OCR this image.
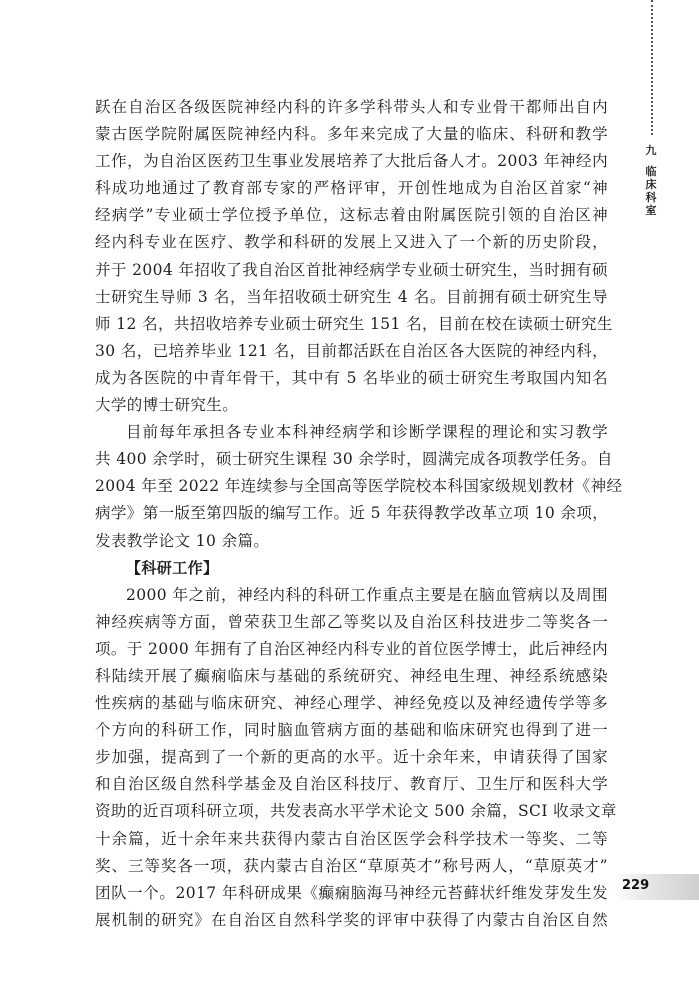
九
临
床
科
室
跃在自治区各级医院神经内科的许多学科带头人和专业骨干都师出自内
蒙古医学院附属医院神经内科。多年来完成了大量的临床、科研和教学
工作，为自治区医药卫生事业发展培养了大批后备人才。2003 年神经内
科成功地通过了教育部专家的严格评审，开创性地成为自治区首家“神
经病学”专业硕士学位授予单位，这标志着由附属医院引领的自治区神
经内科专业在医疗、教学和科研的发展上又进入了一个新的历史阶段，
并于 2004 年招收了我自治区首批神经病学专业硕士研究生，当时拥有硕
士研究生导师 3 名，当年招收硕士研究生 4 名。目前拥有硕士研究生导
师 12 名，共招收培养专业硕士研究生 151 名，目前在校在读硕士研究生
30 名，已培养毕业 121 名，目前都活跃在自治区各大医院的神经内科，
成为各医院的中青年骨干，其中有 5 名毕业的硕士研究生考取国内知名
大学的博士研究生。
目前每年承担各专业本科神经病学和诊断学课程的理论和实习教学
共 400 余学时，硕士研究生课程 30 余学时，圆满完成各项教学任务。自
2004 年至 2022 年连续参与全国高等医学院校本科国家级规划教材《神经
病学》第一版至第四版的编写工作。近 5 年获得教学改革立项 10 余项，
发表教学论文 10 余篇。
【科研工作】
2000 年之前，神经内科的科研工作重点主要是在脑血管病以及周围
神经疾病等方面，曾荣获卫生部乙等奖以及自治区科技进步二等奖各一
项。于 2000 年拥有了自治区神经内科专业的首位医学博士，此后神经内
科陆续开展了癫痫临床与基础的系统研究、神经电生理、神经系统感染
性疾病的基础与临床研究、神经心理学、神经免疫以及神经遗传学等多
个方向的科研工作，同时脑血管病方面的基础和临床研究也得到了进一
步加强，提高到了一个新的更高的水平。近十余年来，申请获得了国家
和自治区级自然科学基金及自治区科技厅、教育厅、卫生厅和医科大学
资助的近百项科研立项，共发表高水平学术论文 500 余篇，SCI 收录文章
十余篇，近十余年来共获得内蒙古自治区医学会科学技术一等奖、二等
奖、三等奖各一项，获内蒙古自治区“草原英才”称号两人，“草原英才”
团队一个。2017 年科研成果《癫痫脑海马神经元苔藓状纤维发芽发生发
展机制的研究》在自治区自然科学奖的评审中获得了内蒙古自治区自然
229
